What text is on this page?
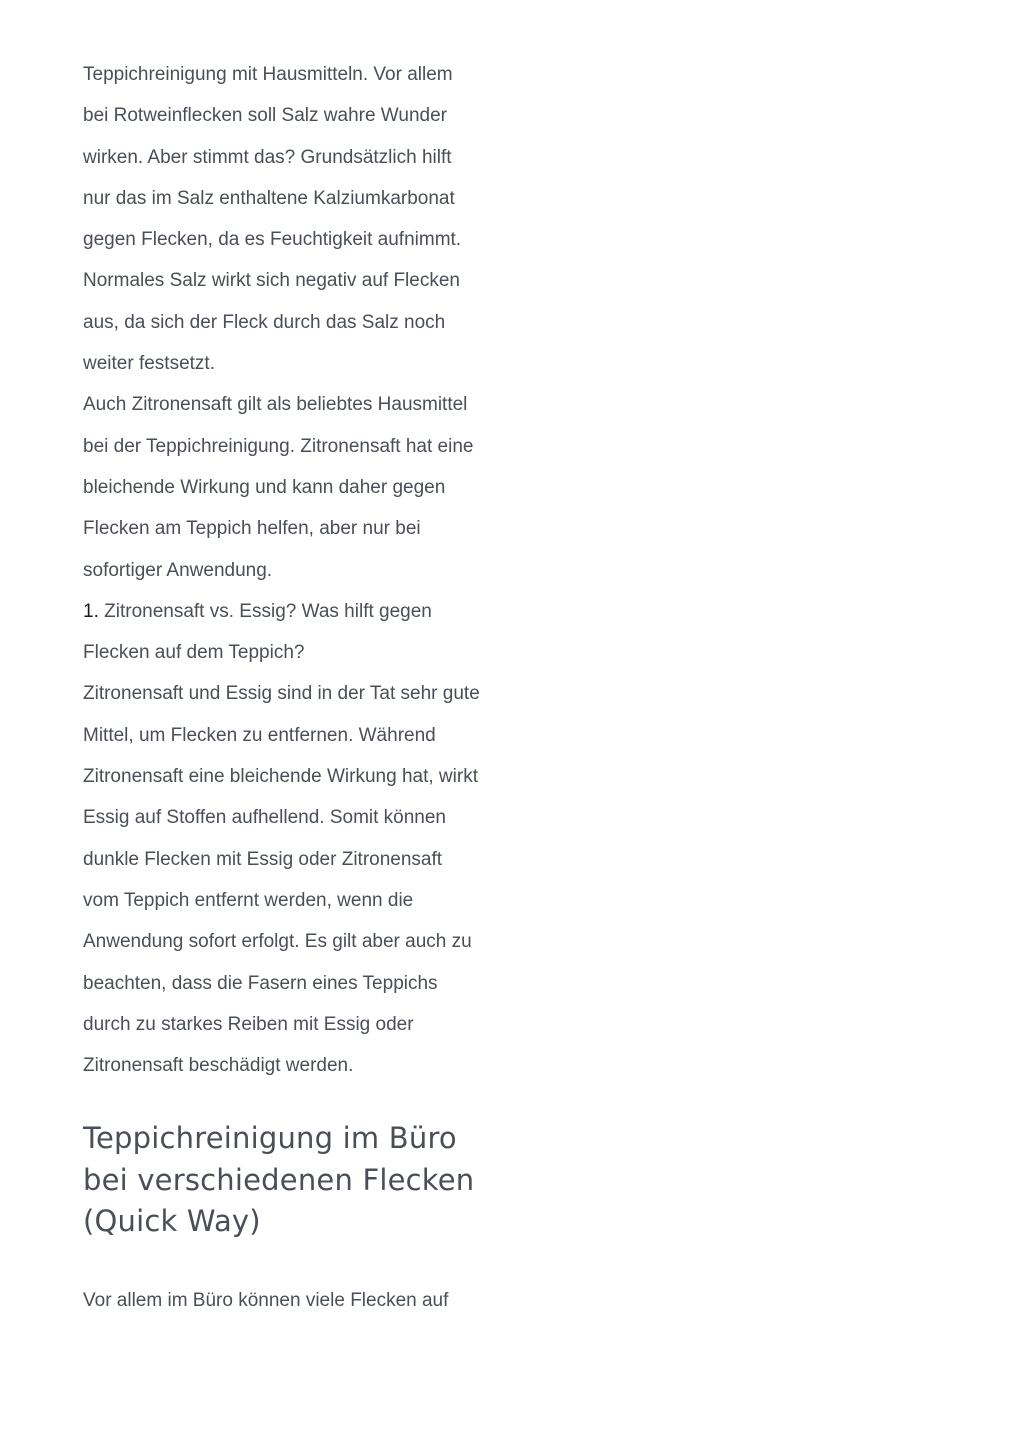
Teppichreinigung mit Hausmitteln. Vor allem bei Rotweinflecken soll Salz wahre Wunder wirken. Aber stimmt das? Grundsätzlich hilft nur das im Salz enthaltene Kalziumkarbonat gegen Flecken, da es Feuchtigkeit aufnimmt. Normales Salz wirkt sich negativ auf Flecken aus, da sich der Fleck durch das Salz noch weiter festsetzt.

Auch Zitronensaft gilt als beliebtes Hausmittel bei der Teppichreinigung. Zitronensaft hat eine bleichende Wirkung und kann daher gegen Flecken am Teppich helfen, aber nur bei sofortiger Anwendung.

1. Zitronensaft vs. Essig? Was hilft gegen Flecken auf dem Teppich?

Zitronensaft und Essig sind in der Tat sehr gute Mittel, um Flecken zu entfernen. Während Zitronensaft eine bleichende Wirkung hat, wirkt Essig auf Stoffen aufhellend. Somit können dunkle Flecken mit Essig oder Zitronensaft vom Teppich entfernt werden, wenn die Anwendung sofort erfolgt. Es gilt aber auch zu beachten, dass die Fasern eines Teppichs durch zu starkes Reiben mit Essig oder Zitronensaft beschädigt werden.

Teppichreinigung im Büro bei verschiedenen Flecken (Quick Way)

Vor allem im Büro können viele Flecken auf
